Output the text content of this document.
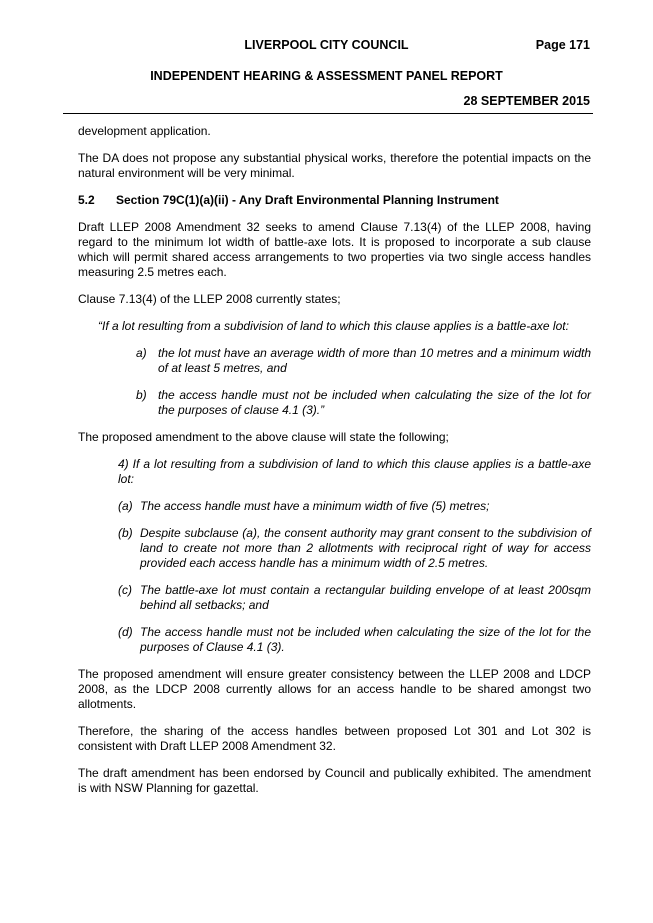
LIVERPOOL CITY COUNCIL	Page 171
INDEPENDENT HEARING & ASSESSMENT PANEL REPORT
28 SEPTEMBER 2015

development application.

The DA does not propose any substantial physical works, therefore the potential impacts on the natural environment will be very minimal.

5.2	Section 79C(1)(a)(ii) - Any Draft Environmental Planning Instrument

Draft LLEP 2008 Amendment 32 seeks to amend Clause 7.13(4) of the LLEP 2008, having regard to the minimum lot width of battle-axe lots. It is proposed to incorporate a sub clause which will permit shared access arrangements to two properties via two single access handles measuring 2.5 metres each.

Clause 7.13(4) of the LLEP 2008 currently states;

“If a lot resulting from a subdivision of land to which this clause applies is a battle-axe lot:

a) the lot must have an average width of more than 10 metres and a minimum width of at least 5 metres, and
b) the access handle must not be included when calculating the size of the lot for the purposes of clause 4.1 (3).”

The proposed amendment to the above clause will state the following;

4) If a lot resulting from a subdivision of land to which this clause applies is a battle-axe lot:

(a) The access handle must have a minimum width of five (5) metres;
(b) Despite subclause (a), the consent authority may grant consent to the subdivision of land to create not more than 2 allotments with reciprocal right of way for access provided each access handle has a minimum width of 2.5 metres.
(c) The battle-axe lot must contain a rectangular building envelope of at least 200sqm behind all setbacks; and
(d) The access handle must not be included when calculating the size of the lot for the purposes of Clause 4.1 (3).

The proposed amendment will ensure greater consistency between the LLEP 2008 and LDCP 2008, as the LDCP 2008 currently allows for an access handle to be shared amongst two allotments.

Therefore, the sharing of the access handles between proposed Lot 301 and Lot 302 is consistent with Draft LLEP 2008 Amendment 32.

The draft amendment has been endorsed by Council and publically exhibited. The amendment is with NSW Planning for gazettal.
